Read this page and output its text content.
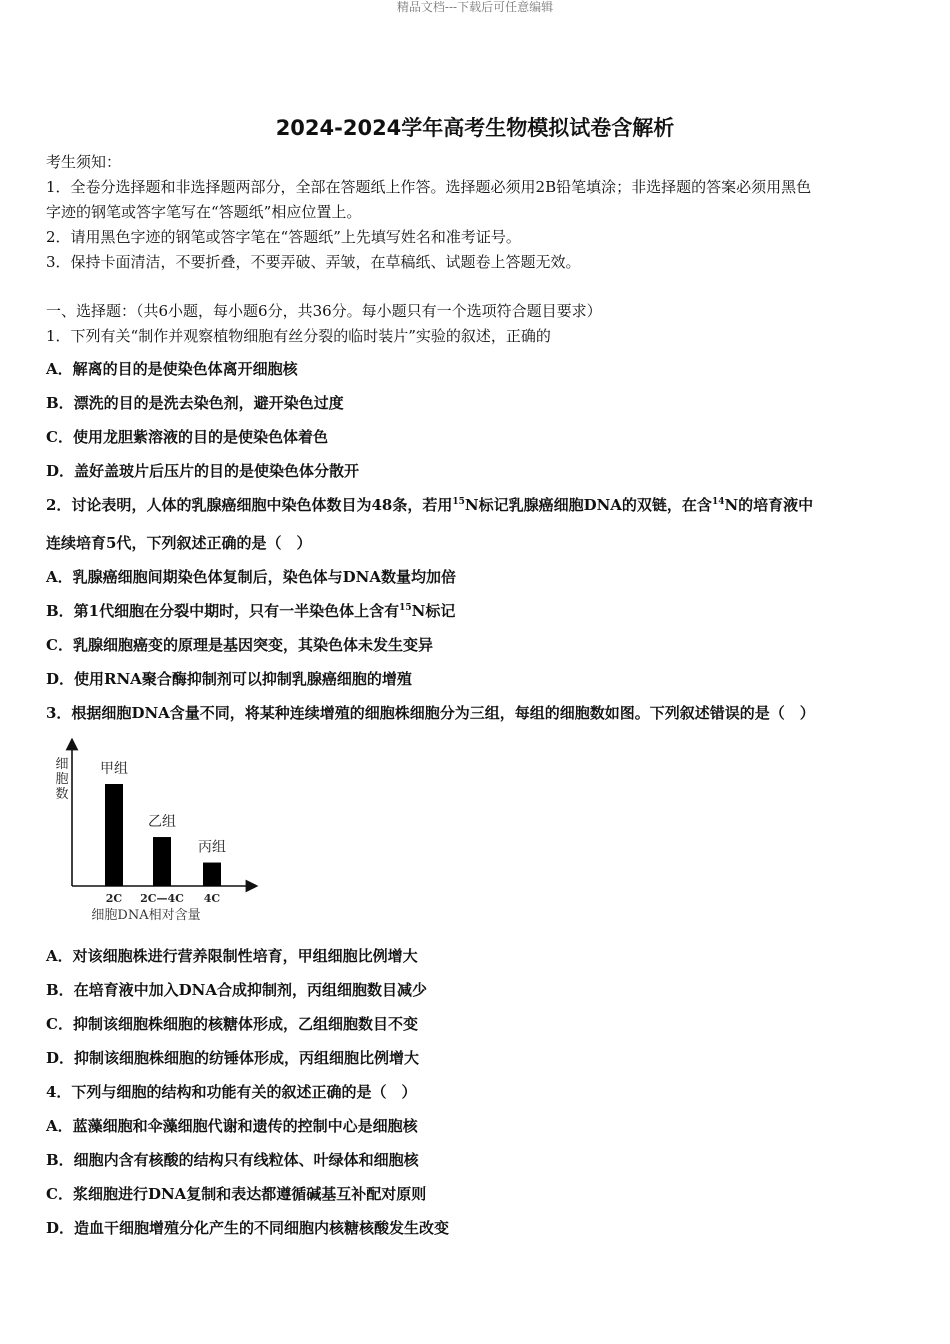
精品文档---下载后可任意编辑
2024-2024学年高考生物模拟试卷含解析
考生须知：
1．全卷分选择题和非选择题两部分，全部在答题纸上作答。选择题必须用2B铅笔填涂；非选择题的答案必须用黑色
字迹的钢笔或答字笔写在“答题纸”相应位置上。
2．请用黑色字迹的钢笔或答字笔在“答题纸”上先填写姓名和准考证号。
3．保持卡面清洁，不要折叠，不要弄破、弄皱，在草稿纸、试题卷上答题无效。
一、选择题：（共6小题，每小题6分，共36分。每小题只有一个选项符合题目要求）
1．下列有关“制作并观察植物细胞有丝分裂的临时装片”实验的叙述，正确的
A．解离的目的是使染色体离开细胞核
B．漂洗的目的是洗去染色剂，避开染色过度
C．使用龙胆紫溶液的目的是使染色体着色
D．盖好盖玻片后压片的目的是使染色体分散开
2．讨论表明，人体的乳腺癌细胞中染色体数目为48条，若用$^{15}$N标记乳腺癌细胞DNA的双链，在含$^{14}$N的培育液中
连续培育5代，下列叙述正确的是（　）
A．乳腺癌细胞间期染色体复制后，染色体与DNA数量均加倍
B．第1代细胞在分裂中期时，只有一半染色体上含有$^{15}$N标记
C．乳腺细胞癌变的原理是基因突变，其染色体未发生变异
D．使用RNA聚合酶抑制剂可以抑制乳腺癌细胞的增殖
3．根据细胞DNA含量不同，将某种连续增殖的细胞株细胞分为三组，每组的细胞数如图。下列叙述错误的是（　）
细
胞
数
甲组
2C
乙组
2C—4C
丙组
4C
细胞DNA相对含量
A．对该细胞株进行营养限制性培育，甲组细胞比例增大
B．在培育液中加入DNA合成抑制剂，丙组细胞数目减少
C．抑制该细胞株细胞的核糖体形成，乙组细胞数目不变
D．抑制该细胞株细胞的纺锤体形成，丙组细胞比例增大
4．下列与细胞的结构和功能有关的叙述正确的是（　）
A．蓝藻细胞和伞藻细胞代谢和遗传的控制中心是细胞核
B．细胞内含有核酸的结构只有线粒体、叶绿体和细胞核
C．浆细胞进行DNA复制和表达都遵循碱基互补配对原则
D．造血干细胞增殖分化产生的不同细胞内核糖核酸发生改变
